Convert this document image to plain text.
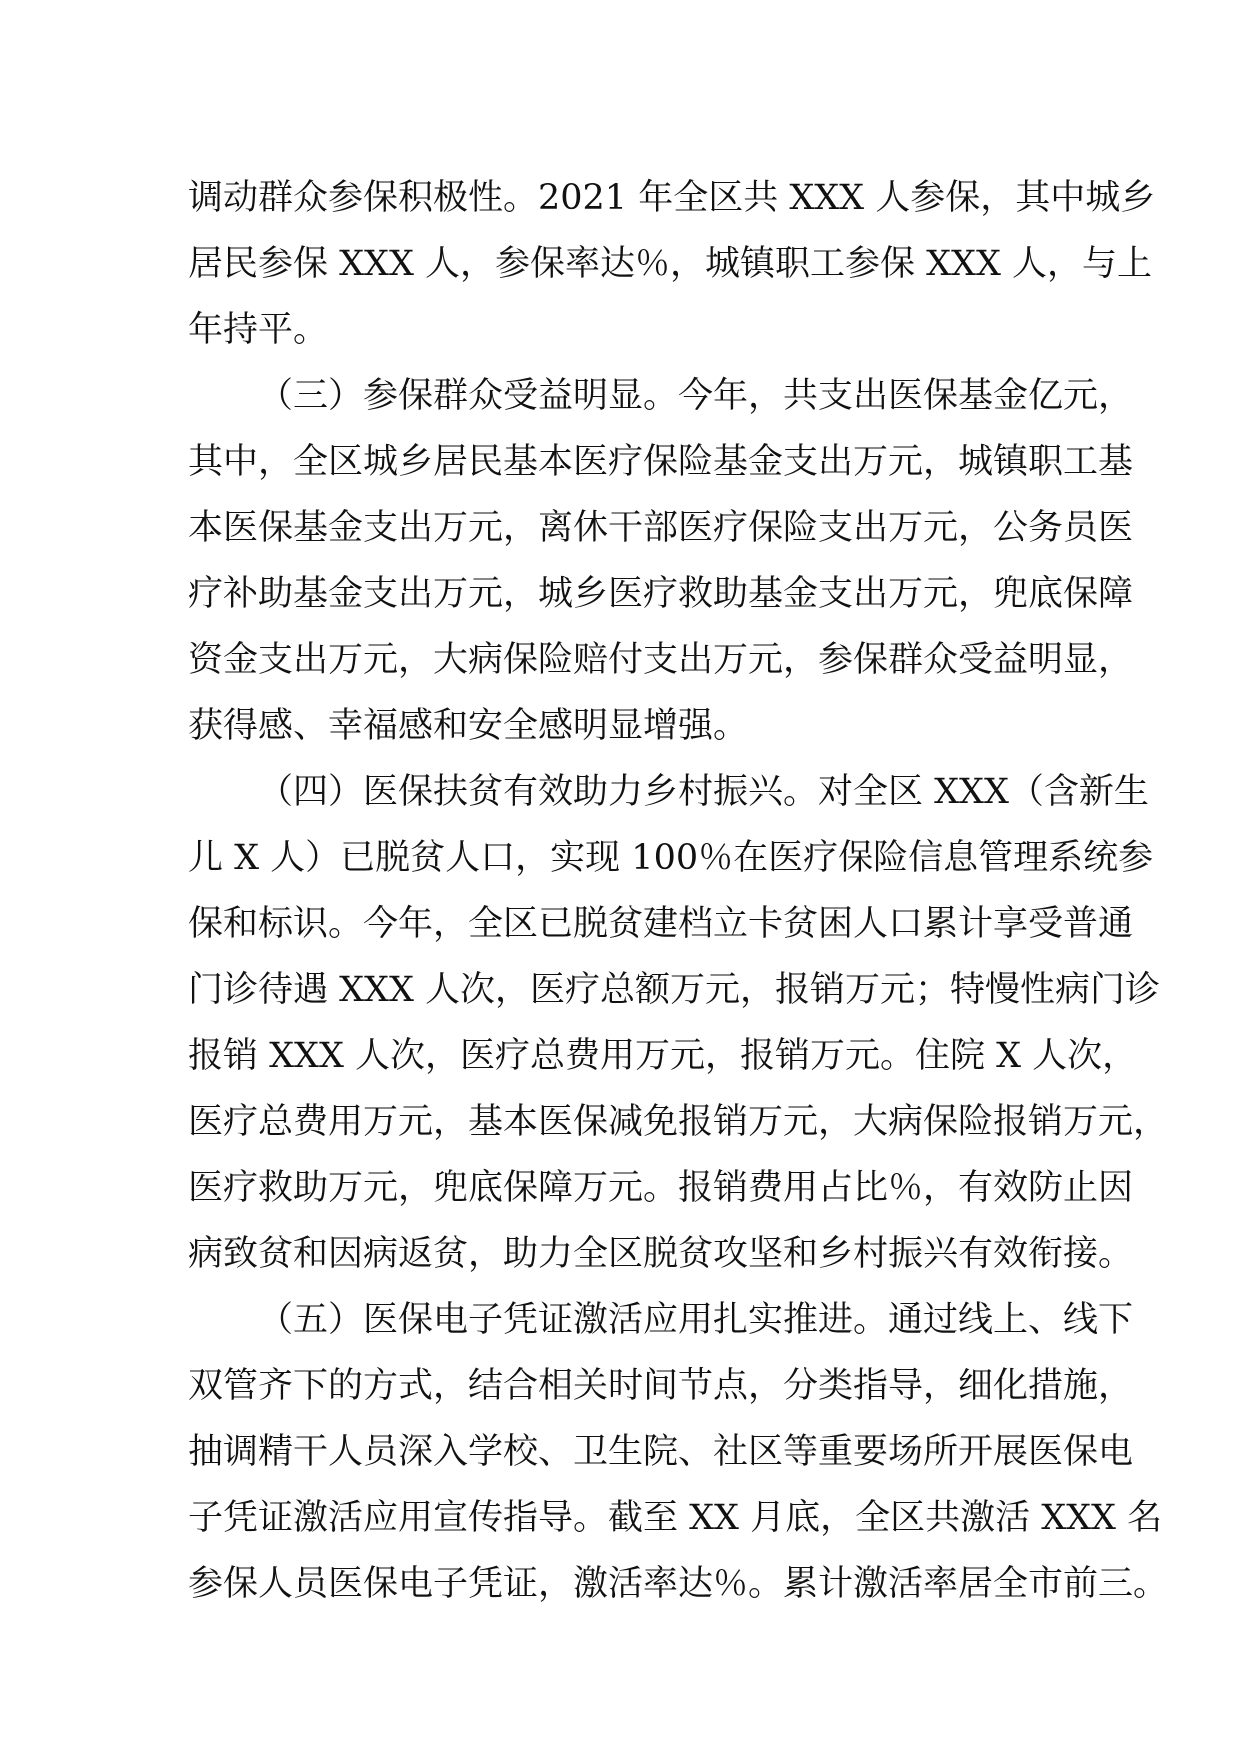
调动群众参保积极性。2021 年全区共 XXX 人参保，其中城乡
居民参保 XXX 人，参保率达％，城镇职工参保 XXX 人，与上
年持平。
（三）参保群众受益明显。今年，共支出医保基金亿元，
其中，全区城乡居民基本医疗保险基金支出万元，城镇职工基
本医保基金支出万元，离休干部医疗保险支出万元，公务员医
疗补助基金支出万元，城乡医疗救助基金支出万元，兜底保障
资金支出万元，大病保险赔付支出万元，参保群众受益明显，
获得感、幸福感和安全感明显增强。
（四）医保扶贫有效助力乡村振兴。对全区 XXX（含新生
儿 X 人）已脱贫人口，实现 100％在医疗保险信息管理系统参
保和标识。今年，全区已脱贫建档立卡贫困人口累计享受普通
门诊待遇 XXX 人次，医疗总额万元，报销万元；特慢性病门诊
报销 XXX 人次，医疗总费用万元，报销万元。住院 X 人次，
医疗总费用万元，基本医保减免报销万元，大病保险报销万元，
医疗救助万元，兜底保障万元。报销费用占比％，有效防止因
病致贫和因病返贫，助力全区脱贫攻坚和乡村振兴有效衔接。
（五）医保电子凭证激活应用扎实推进。通过线上、线下
双管齐下的方式，结合相关时间节点，分类指导，细化措施，
抽调精干人员深入学校、卫生院、社区等重要场所开展医保电
子凭证激活应用宣传指导。截至 XX 月底，全区共激活 XXX 名
参保人员医保电子凭证，激活率达％。累计激活率居全市前三。
